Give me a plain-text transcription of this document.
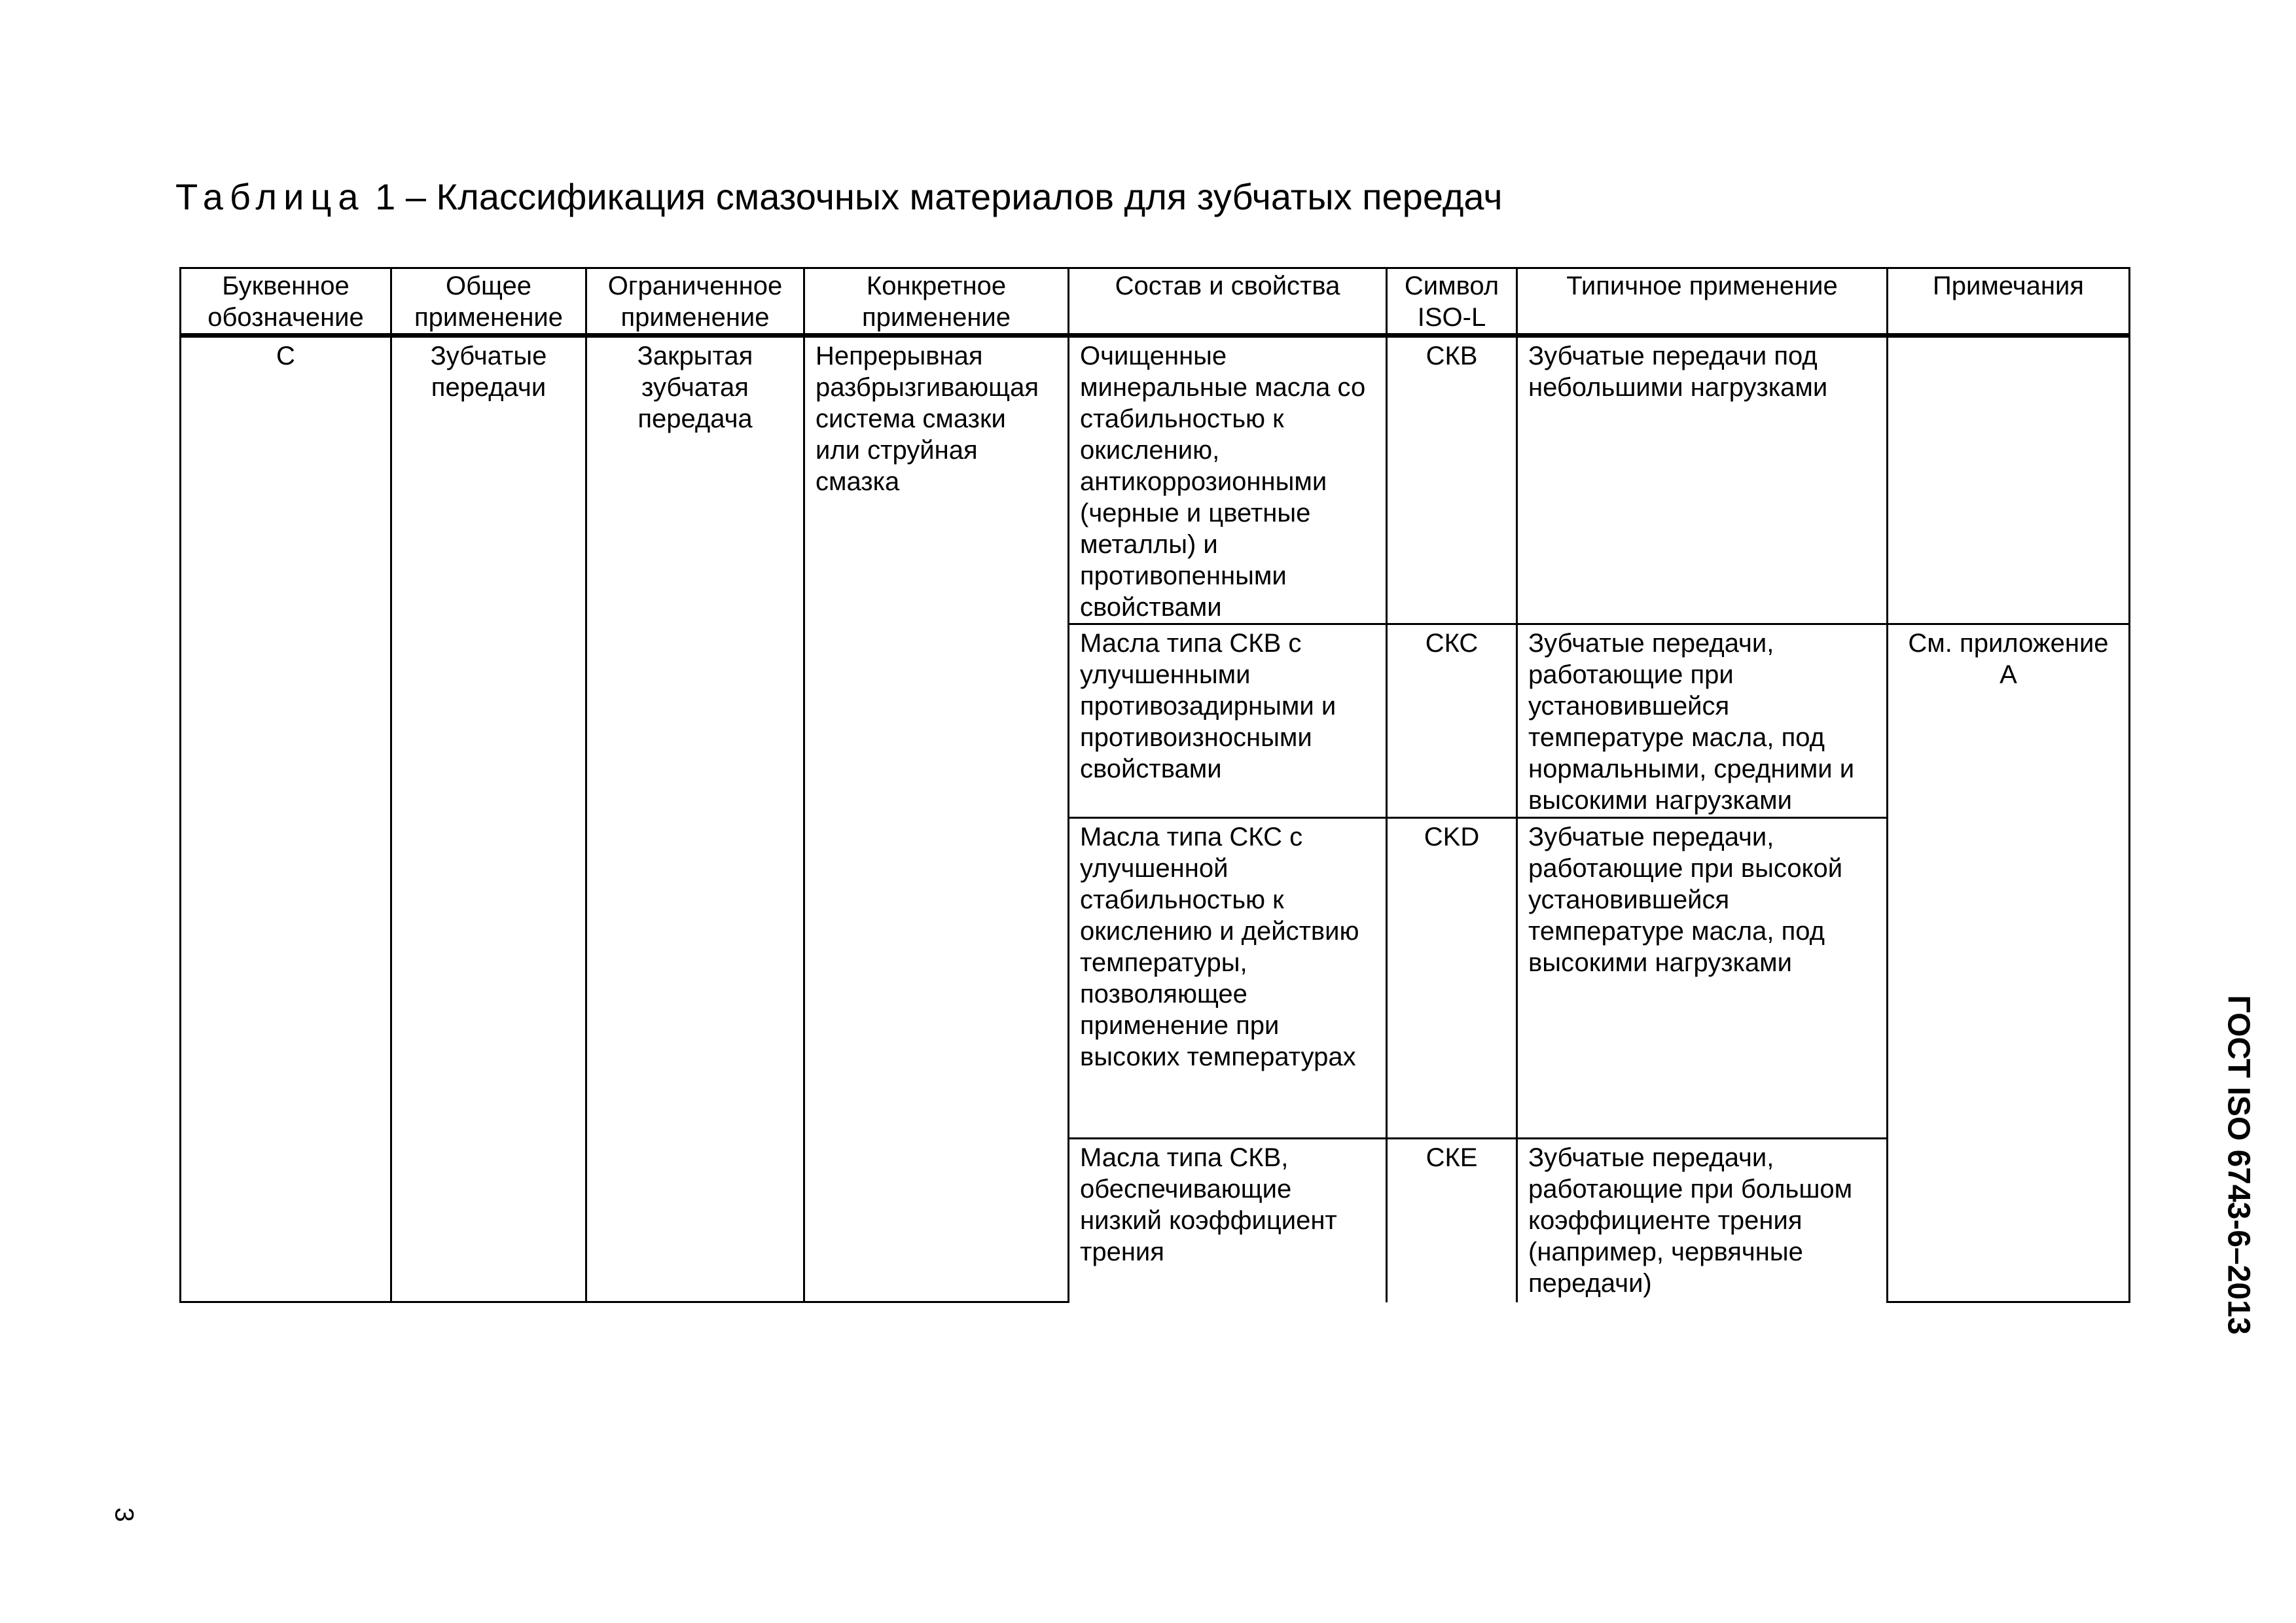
Таблица 1 – Классификация смазочных материалов для зубчатых передач
Буквенное обозначение	Общее применение	Ограниченное применение	Конкретное применение	Состав и свойства	Символ ISO-L	Типичное применение	Примечания
С	Зубчатые передачи	Закрытая зубчатая передача	Непрерывная разбрызгивающая система смазки или струйная смазка	Очищенные минеральные масла со стабильностью к окислению, антикоррозионными (черные и цветные металлы) и противопенными свойствами	СКВ	Зубчатые передачи под небольшими нагрузками	
				Масла типа СКВ с улучшенными противозадирными и противоизносными свойствами	СКС	Зубчатые передачи, работающие при установившейся температуре масла, под нормальными, средними и высокими нагрузками	См. приложение А
				Масла типа СКС с улучшенной стабильностью к окислению и действию температуры, позволяющее применение при высоких температурах	СKD	Зубчатые передачи, работающие при высокой установившейся температуре масла, под высокими нагрузками	
				Масла типа СКВ, обеспечивающие низкий коэффициент трения	СКЕ	Зубчатые передачи, работающие при большом коэффициенте трения (например, червячные передачи)	
3
ГОСТ ISO 6743-6–2013
